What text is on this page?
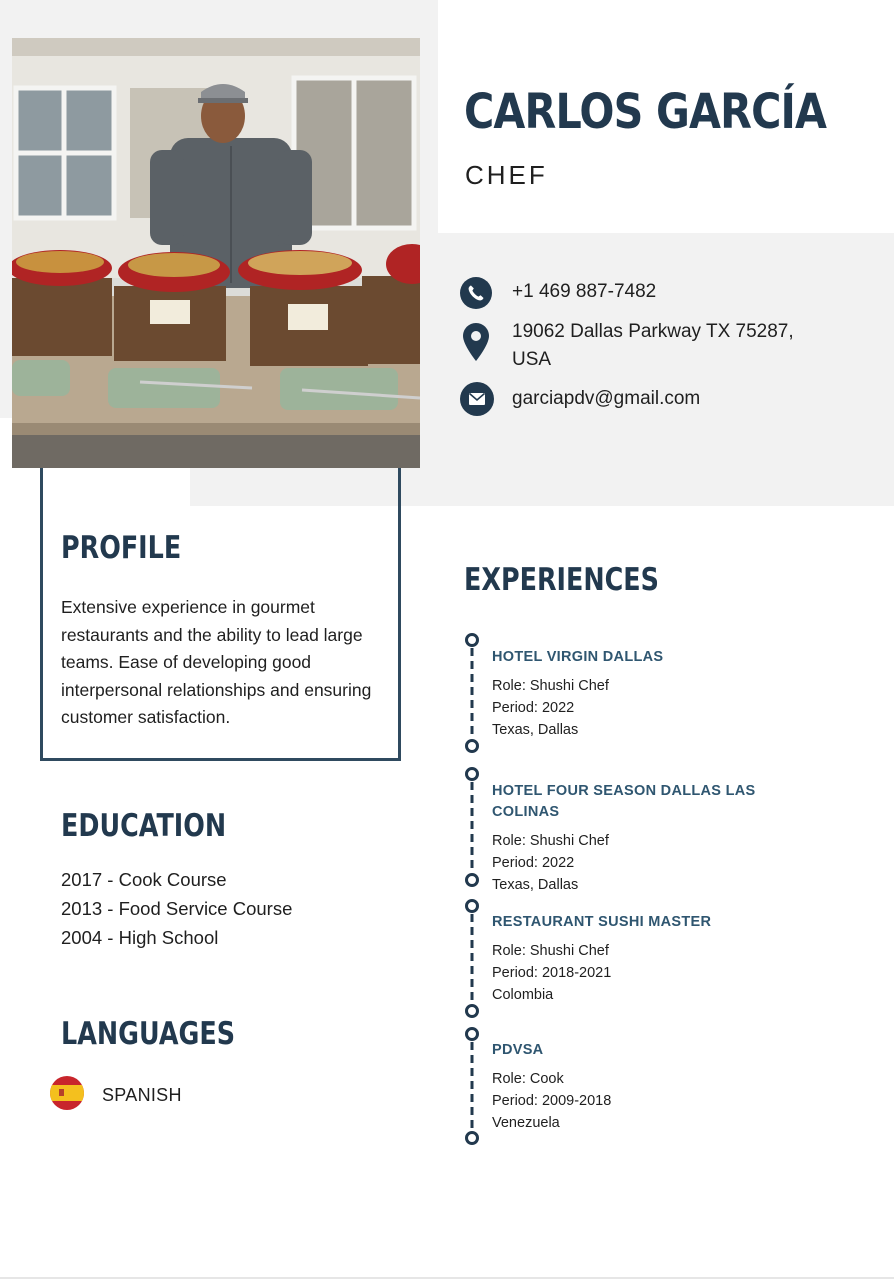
CARLOS GARCÍA
CHEF
+1 469 887-7482
19062 Dallas Parkway TX 75287, USA
garciapdv@gmail.com
PROFILE

Extensive experience in gourmet restaurants and the ability to lead large teams. Ease of developing good interpersonal relationships and ensuring customer satisfaction.

EDUCATION
2017 - Cook Course
2013 - Food Service Course
2004 - High School
LANGUAGES
SPANISH
EXPERIENCES
HOTEL VIRGIN DALLAS
Role: Shushi Chef
Period: 2022
Texas, Dallas
HOTEL FOUR SEASON DALLAS LAS COLINAS
Role: Shushi Chef
Period: 2022
Texas, Dallas
RESTAURANT SUSHI MASTER
Role: Shushi Chef
Period: 2018-2021
Colombia
PDVSA
Role: Cook
Period: 2009-2018
Venezuela
